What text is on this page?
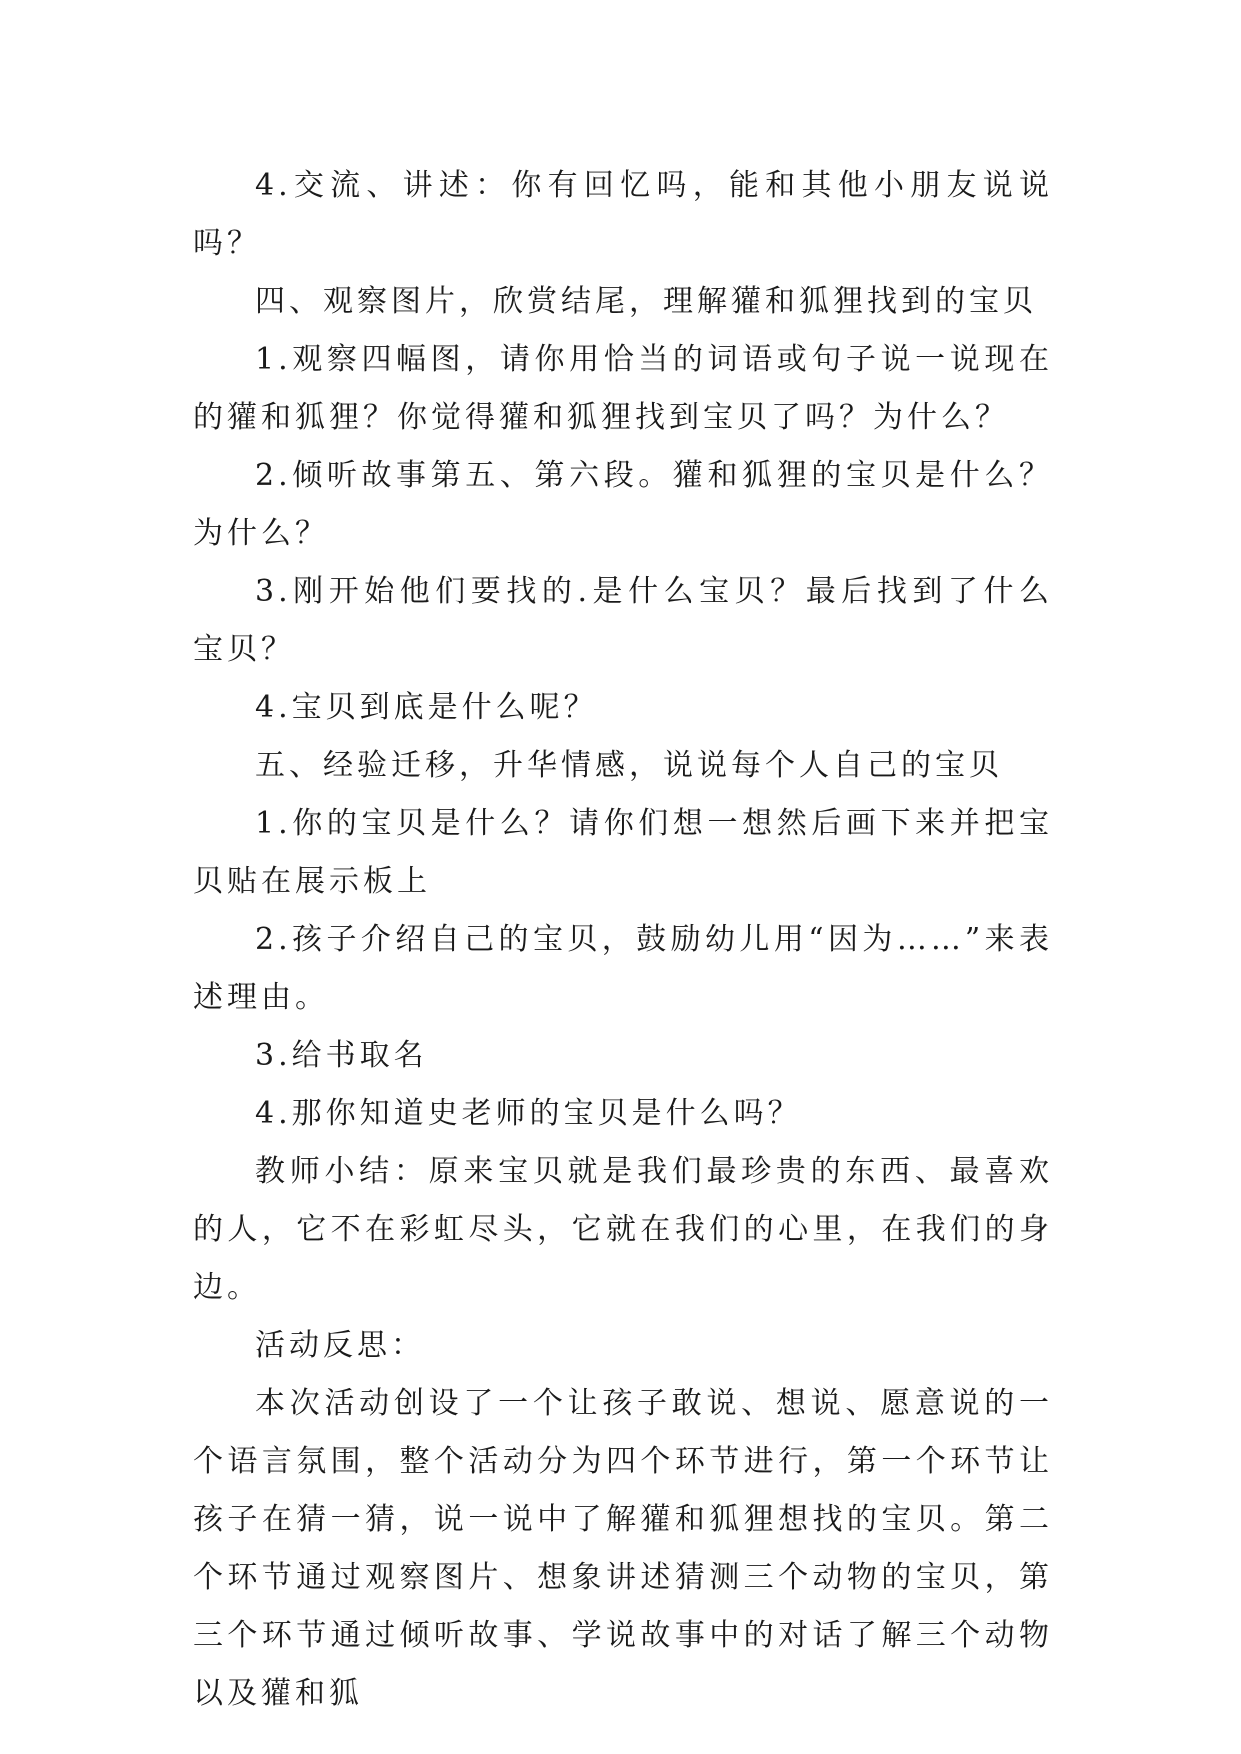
4.交流、讲述：你有回忆吗，能和其他小朋友说说吗？

四、观察图片，欣赏结尾，理解獾和狐狸找到的宝贝

1.观察四幅图，请你用恰当的词语或句子说一说现在的獾和狐狸？你觉得獾和狐狸找到宝贝了吗？为什么？

2.倾听故事第五、第六段。獾和狐狸的宝贝是什么？为什么？

3.刚开始他们要找的.是什么宝贝？最后找到了什么宝贝？

4.宝贝到底是什么呢？

五、经验迁移，升华情感，说说每个人自己的宝贝

1.你的宝贝是什么？请你们想一想然后画下来并把宝贝贴在展示板上

2.孩子介绍自己的宝贝，鼓励幼儿用“因为……”来表述理由。

3.给书取名

4.那你知道史老师的宝贝是什么吗？

教师小结：原来宝贝就是我们最珍贵的东西、最喜欢的人，它不在彩虹尽头，它就在我们的心里，在我们的身边。

活动反思：

本次活动创设了一个让孩子敢说、想说、愿意说的一个语言氛围，整个活动分为四个环节进行，第一个环节让孩子在猜一猜，说一说中了解獾和狐狸想找的宝贝。第二个环节通过观察图片、想象讲述猜测三个动物的宝贝，第三个环节通过倾听故事、学说故事中的对话了解三个动物以及獾和狐
